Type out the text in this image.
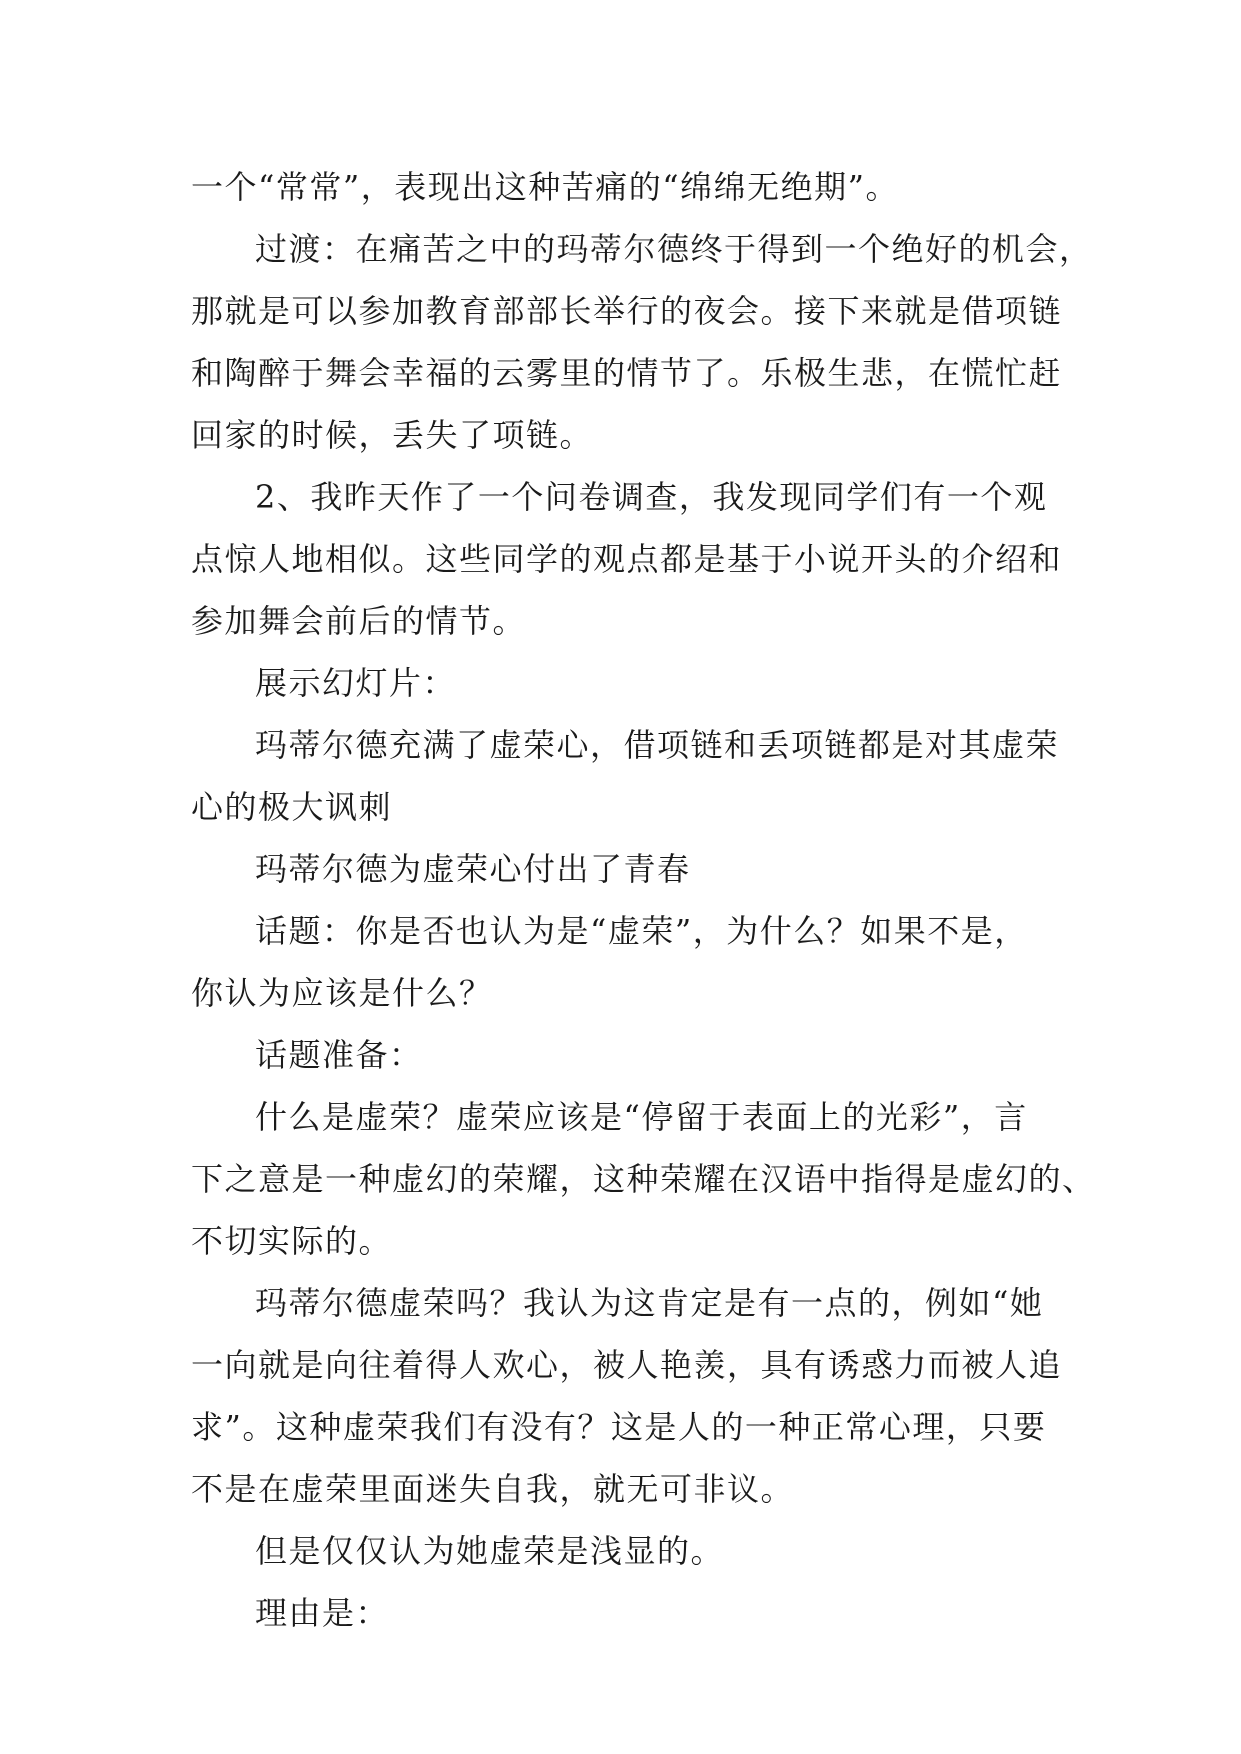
一个“常常”，表现出这种苦痛的“绵绵无绝期”。
过渡：在痛苦之中的玛蒂尔德终于得到一个绝好的机会，
那就是可以参加教育部部长举行的夜会。接下来就是借项链
和陶醉于舞会幸福的云雾里的情节了。乐极生悲，在慌忙赶
回家的时候，丢失了项链。
2、我昨天作了一个问卷调查，我发现同学们有一个观
点惊人地相似。这些同学的观点都是基于小说开头的介绍和
参加舞会前后的情节。
展示幻灯片：
玛蒂尔德充满了虚荣心，借项链和丢项链都是对其虚荣
心的极大讽刺
玛蒂尔德为虚荣心付出了青春
话题：你是否也认为是“虚荣”，为什么？如果不是，
你认为应该是什么？
话题准备：
什么是虚荣？虚荣应该是“停留于表面上的光彩”，言
下之意是一种虚幻的荣耀，这种荣耀在汉语中指得是虚幻的、
不切实际的。
玛蒂尔德虚荣吗？我认为这肯定是有一点的，例如“她
一向就是向往着得人欢心，被人艳羡，具有诱惑力而被人追
求”。这种虚荣我们有没有？这是人的一种正常心理，只要
不是在虚荣里面迷失自我，就无可非议。
但是仅仅认为她虚荣是浅显的。
理由是：
